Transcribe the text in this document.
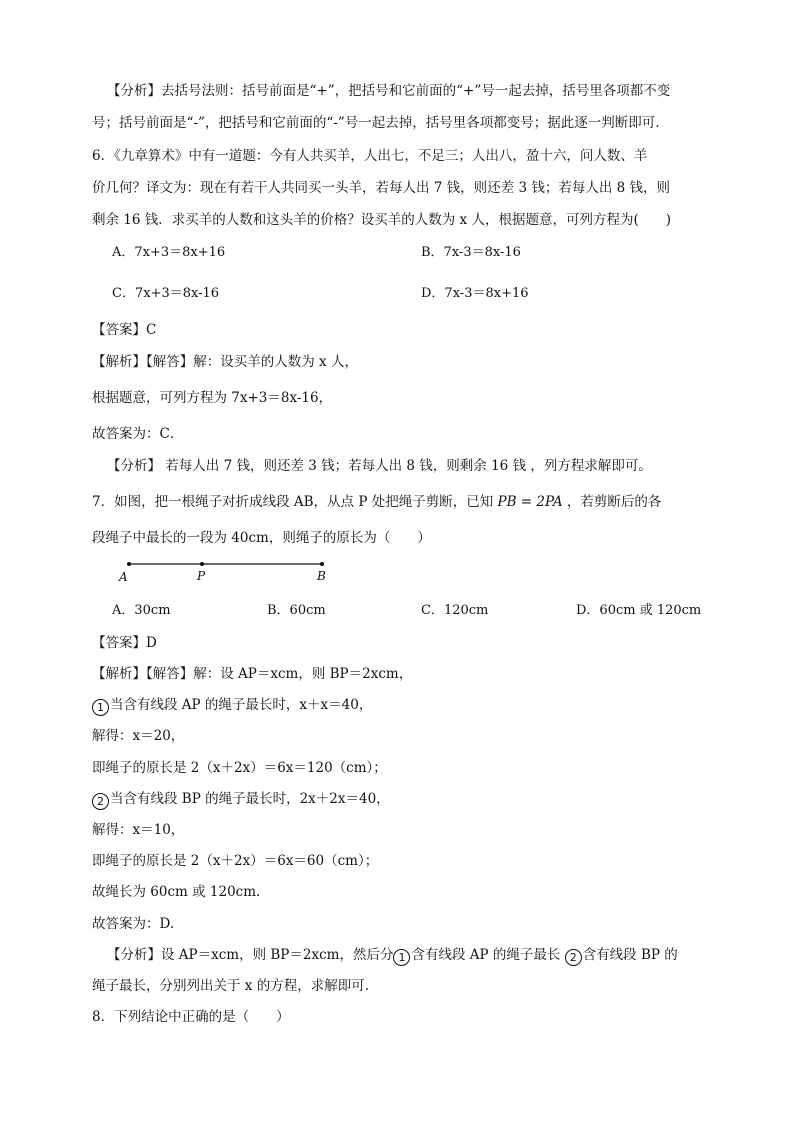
【分析】去括号法则：括号前面是“+”，把括号和它前面的“+”号一起去掉，括号里各项都不变
号；括号前面是“-”，把括号和它前面的“-”号一起去掉，括号里各项都变号；据此逐一判断即可.
6．《九章算术》中有一道题：今有人共买羊，人出七，不足三；人出八，盈十六，问人数、羊
价几何？译文为：现在有若干人共同买一头羊，若每人出 7 钱，则还差 3 钱；若每人出 8 钱，则
剩余 16 钱．求买羊的人数和这头羊的价格？设买羊的人数为 x 人，根据题意，可列方程为(　　)
A．7x+3＝8x+16	B．7x-3＝8x-16
C．7x+3＝8x-16	D．7x-3＝8x+16
【答案】C
【解析】【解答】解：设买羊的人数为 x 人，
根据题意，可列方程为 7x+3＝8x-16，
故答案为：C．
【分析】 若每人出 7 钱，则还差 3 钱；若每人出 8 钱，则剩余 16 钱 ，列方程求解即可。
7．如图，把一根绳子对折成线段 AB，从点 P 处把绳子剪断，已知 PB = 2PA ，若剪断后的各
段绳子中最长的一段为 40cm，则绳子的原长为（　　）
A	P	B
A．30cm	B．60cm	C．120cm	D．60cm 或 120cm
【答案】D
【解析】【解答】解：设 AP＝xcm，则 BP＝2xcm，
1 当含有线段 AP 的绳子最长时，x＋x＝40，
解得：x＝20，
即绳子的原长是 2（x＋2x）＝6x＝120（cm）；
2 当含有线段 BP 的绳子最长时，2x＋2x＝40，
解得：x＝10，
即绳子的原长是 2（x＋2x）＝6x＝60（cm）；
故绳长为 60cm 或 120cm.
故答案为：D.
【分析】设 AP＝xcm，则 BP＝2xcm，然后分 1 含有线段 AP 的绳子最长 2 含有线段 BP 的
绳子最长，分别列出关于 x 的方程，求解即可.
8．下列结论中正确的是（　　）
